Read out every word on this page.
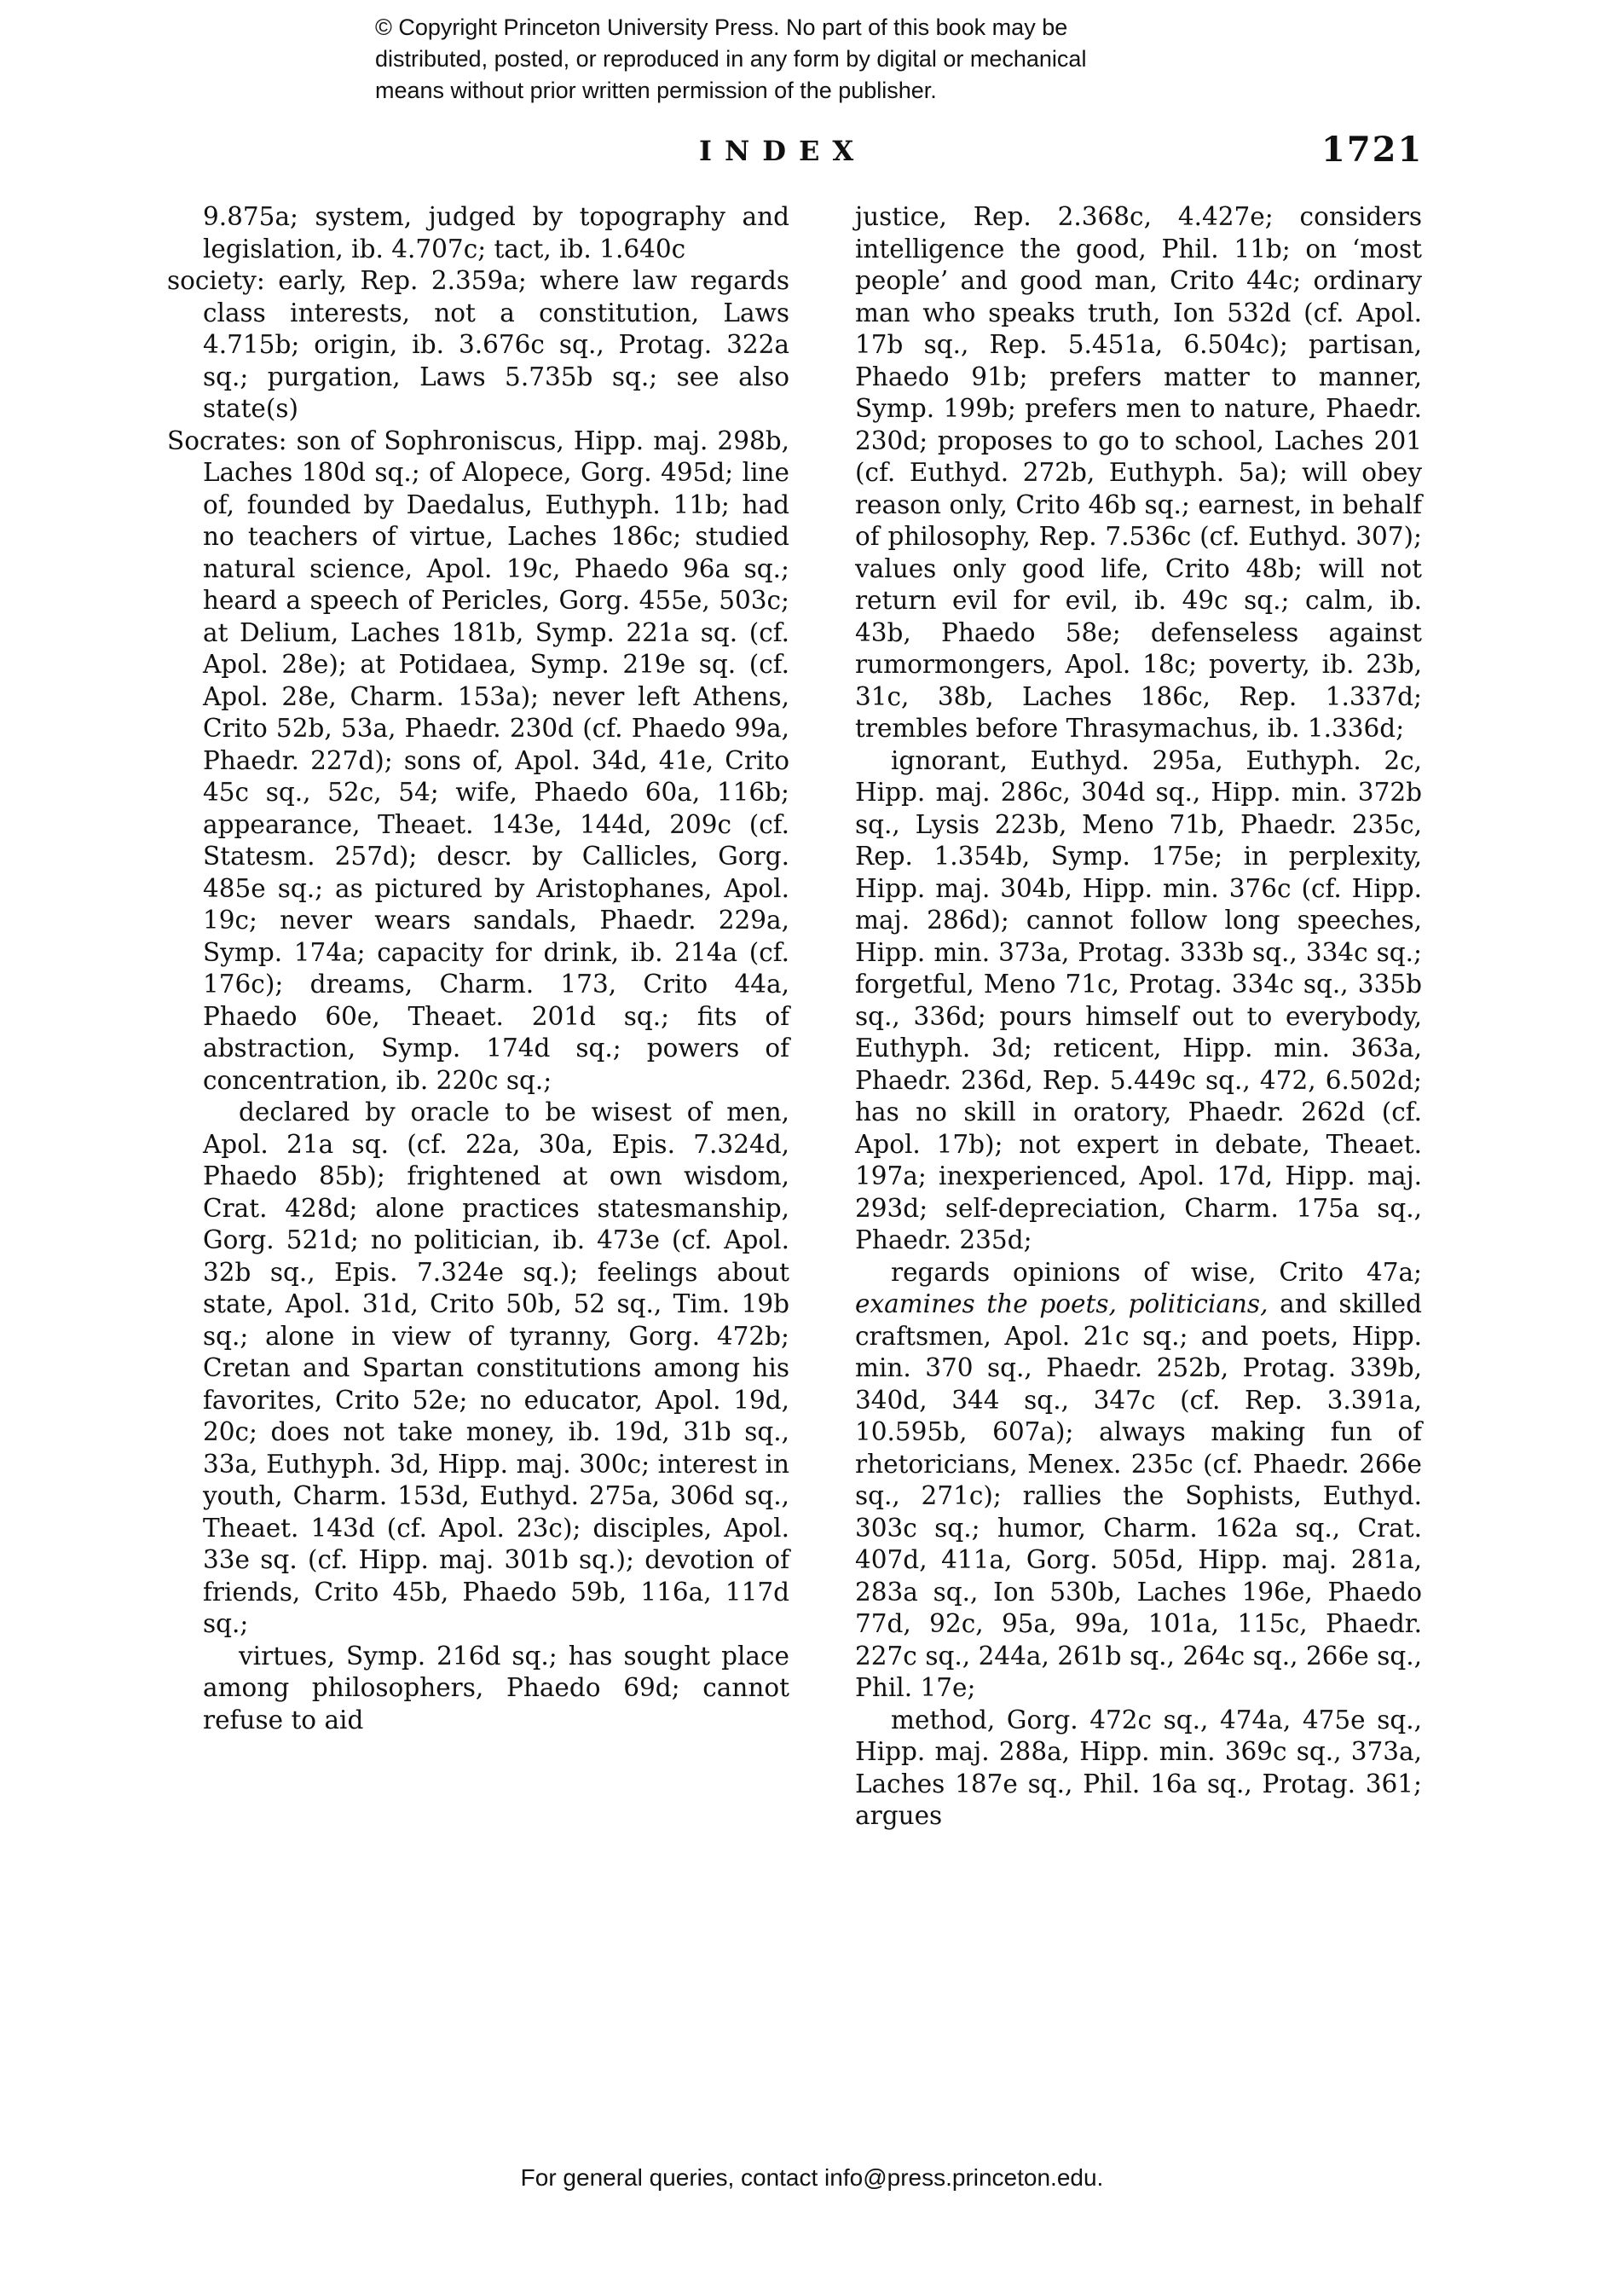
© Copyright Princeton University Press. No part of this book may be
distributed, posted, or reproduced in any form by digital or mechanical
means without prior written permission of the publisher.
INDEX	1721

9.875a; system, judged by topography and legislation, ib. 4.707c; tact, ib. 1.640c

society: early, Rep. 2.359a; where law regards class interests, not a constitution, Laws 4.715b; origin, ib. 3.676c sq., Protag. 322a sq.; purgation, Laws 5.735b sq.; see also state(s)

Socrates: son of Sophroniscus, Hipp. maj. 298b, Laches 180d sq.; of Alopece, Gorg. 495d; line of, founded by Daedalus, Euthyph. 11b; had no teachers of virtue, Laches 186c; studied natural science, Apol. 19c, Phaedo 96a sq.; heard a speech of Pericles, Gorg. 455e, 503c; at Delium, Laches 181b, Symp. 221a sq. (cf. Apol. 28e); at Potidaea, Symp. 219e sq. (cf. Apol. 28e, Charm. 153a); never left Athens, Crito 52b, 53a, Phaedr. 230d (cf. Phaedo 99a, Phaedr. 227d); sons of, Apol. 34d, 41e, Crito 45c sq., 52c, 54; wife, Phaedo 60a, 116b; appearance, Theaet. 143e, 144d, 209c (cf. Statesm. 257d); descr. by Callicles, Gorg. 485e sq.; as pictured by Aristophanes, Apol. 19c; never wears sandals, Phaedr. 229a, Symp. 174a; capacity for drink, ib. 214a (cf. 176c); dreams, Charm. 173, Crito 44a, Phaedo 60e, Theaet. 201d sq.; fits of abstraction, Symp. 174d sq.; powers of concentration, ib. 220c sq.;

declared by oracle to be wisest of men, Apol. 21a sq. (cf. 22a, 30a, Epis. 7.324d, Phaedo 85b); frightened at own wisdom, Crat. 428d; alone practices statesmanship, Gorg. 521d; no politician, ib. 473e (cf. Apol. 32b sq., Epis. 7.324e sq.); feelings about state, Apol. 31d, Crito 50b, 52 sq., Tim. 19b sq.; alone in view of tyranny, Gorg. 472b; Cretan and Spartan constitutions among his favorites, Crito 52e; no educator, Apol. 19d, 20c; does not take money, ib. 19d, 31b sq., 33a, Euthyph. 3d, Hipp. maj. 300c; interest in youth, Charm. 153d, Euthyd. 275a, 306d sq., Theaet. 143d (cf. Apol. 23c); disciples, Apol. 33e sq. (cf. Hipp. maj. 301b sq.); devotion of friends, Crito 45b, Phaedo 59b, 116a, 117d sq.;

virtues, Symp. 216d sq.; has sought place among philosophers, Phaedo 69d; cannot refuse to aid

justice, Rep. 2.368c, 4.427e; considers intelligence the good, Phil. 11b; on ‘most people’ and good man, Crito 44c; ordinary man who speaks truth, Ion 532d (cf. Apol. 17b sq., Rep. 5.451a, 6.504c); partisan, Phaedo 91b; prefers matter to manner, Symp. 199b; prefers men to nature, Phaedr. 230d; proposes to go to school, Laches 201 (cf. Euthyd. 272b, Euthyph. 5a); will obey reason only, Crito 46b sq.; earnest, in behalf of philosophy, Rep. 7.536c (cf. Euthyd. 307); values only good life, Crito 48b; will not return evil for evil, ib. 49c sq.; calm, ib. 43b, Phaedo 58e; defenseless against rumormongers, Apol. 18c; poverty, ib. 23b, 31c, 38b, Laches 186c, Rep. 1.337d; trembles before Thrasymachus, ib. 1.336d;

ignorant, Euthyd. 295a, Euthyph. 2c, Hipp. maj. 286c, 304d sq., Hipp. min. 372b sq., Lysis 223b, Meno 71b, Phaedr. 235c, Rep. 1.354b, Symp. 175e; in perplexity, Hipp. maj. 304b, Hipp. min. 376c (cf. Hipp. maj. 286d); cannot follow long speeches, Hipp. min. 373a, Protag. 333b sq., 334c sq.; forgetful, Meno 71c, Protag. 334c sq., 335b sq., 336d; pours himself out to everybody, Euthyph. 3d; reticent, Hipp. min. 363a, Phaedr. 236d, Rep. 5.449c sq., 472, 6.502d; has no skill in oratory, Phaedr. 262d (cf. Apol. 17b); not expert in debate, Theaet. 197a; inexperienced, Apol. 17d, Hipp. maj. 293d; self-depreciation, Charm. 175a sq., Phaedr. 235d;

regards opinions of wise, Crito 47a; examines the poets, politicians, and skilled craftsmen, Apol. 21c sq.; and poets, Hipp. min. 370 sq., Phaedr. 252b, Protag. 339b, 340d, 344 sq., 347c (cf. Rep. 3.391a, 10.595b, 607a); always making fun of rhetoricians, Menex. 235c (cf. Phaedr. 266e sq., 271c); rallies the Sophists, Euthyd. 303c sq.; humor, Charm. 162a sq., Crat. 407d, 411a, Gorg. 505d, Hipp. maj. 281a, 283a sq., Ion 530b, Laches 196e, Phaedo 77d, 92c, 95a, 99a, 101a, 115c, Phaedr. 227c sq., 244a, 261b sq., 264c sq., 266e sq., Phil. 17e;

method, Gorg. 472c sq., 474a, 475e sq., Hipp. maj. 288a, Hipp. min. 369c sq., 373a, Laches 187e sq., Phil. 16a sq., Protag. 361; argues

For general queries, contact info@press.princeton.edu.
